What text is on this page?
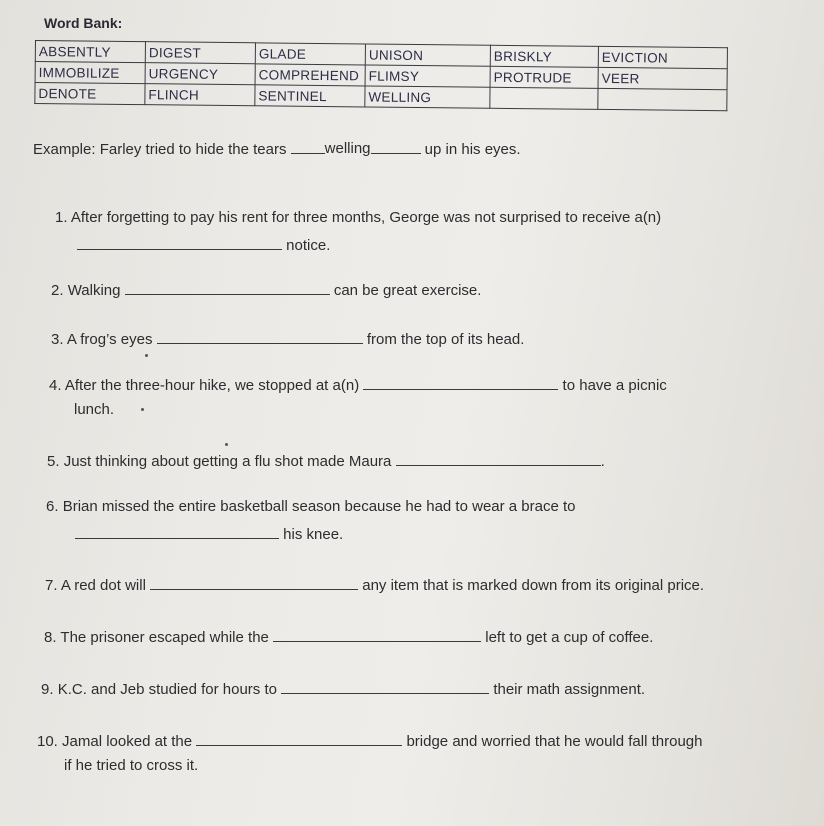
Word Bank:
ABSENTLY	DIGEST	GLADE	UNISON	BRISKLY	EVICTION
IMMOBILIZE	URGENCY	COMPREHEND	FLIMSY	PROTRUDE	VEER
DENOTE	FLINCH	SENTINEL	WELLING		
Example: Farley tried to hide the tears	welling	up in his eyes.
1. After forgetting to pay his rent for three months, George was not surprised to receive a(n)
notice.
2. Walking	can be great exercise.
3. A frog’s eyes	from the top of its head.
4. After the three-hour hike, we stopped at a(n)	to have a picnic
lunch.
5. Just thinking about getting a flu shot made Maura	.
6. Brian missed the entire basketball season because he had to wear a brace to
his knee.
7. A red dot will	any item that is marked down from its original price.
8. The prisoner escaped while the	left to get a cup of coffee.
9. K.C. and Jeb studied for hours to	their math assignment.
10. Jamal looked at the	bridge and worried that he would fall through
if he tried to cross it.
